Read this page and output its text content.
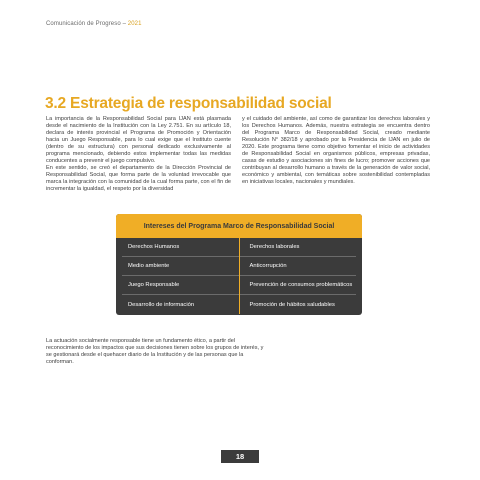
Comunicación de Progreso – 2021
3.2 Estrategia de responsabilidad social

La importancia de la Responsabilidad Social para IJAN está plasmada desde el nacimiento de la Institución con la Ley 2.751. En su artículo 18, declara de interés provincial el Programa de Promoción y Orientación hacia un Juego Responsable, para lo cual exige que el Instituto cuente (dentro de su estructura) con personal dedicado exclusivamente al programa mencionado, debiendo estos implementar todas las medidas conducentes a prevenir el juego compulsivo.

En este sentido, se creó el departamento de la Dirección Provincial de Responsabilidad Social, que forma parte de la voluntad irrevocable que marca la integración con la comunidad de la cual forma parte, con el fin de incrementar la igualdad, el respeto por la diversidad

y el cuidado del ambiente, así como de garantizar los derechos laborales y los Derechos Humanos. Además, nuestra estrategia se encuentra dentro del Programa Marco de Responsabilidad Social, creado mediante Resolución N° 382/18 y aprobado por la Presidencia de IJAN en julio de 2020. Este programa tiene como objetivo fomentar el inicio de actividades de Responsabilidad Social en organismos públicos, empresas privadas, casas de estudio y asociaciones sin fines de lucro; promover acciones que contribuyan al desarrollo humano a través de la generación de valor social, económico y ambiental, con temáticas sobre sostenibilidad contempladas en iniciativas locales, nacionales y mundiales.

Intereses del Programa Marco de Responsabilidad Social
Derechos Humanos
Medio ambiente
Juego Responsable
Desarrollo de información
Derechos laborales
Anticorrupción
Prevención de consumos problemáticos
Promoción de hábitos saludables
La actuación socialmente responsable tiene un fundamento ético, a partir del reconocimiento de los impactos que sus decisiones tienen sobre los grupos de interés, y se gestionará desde el quehacer diario de la Institución y de las personas que la conforman.
18
